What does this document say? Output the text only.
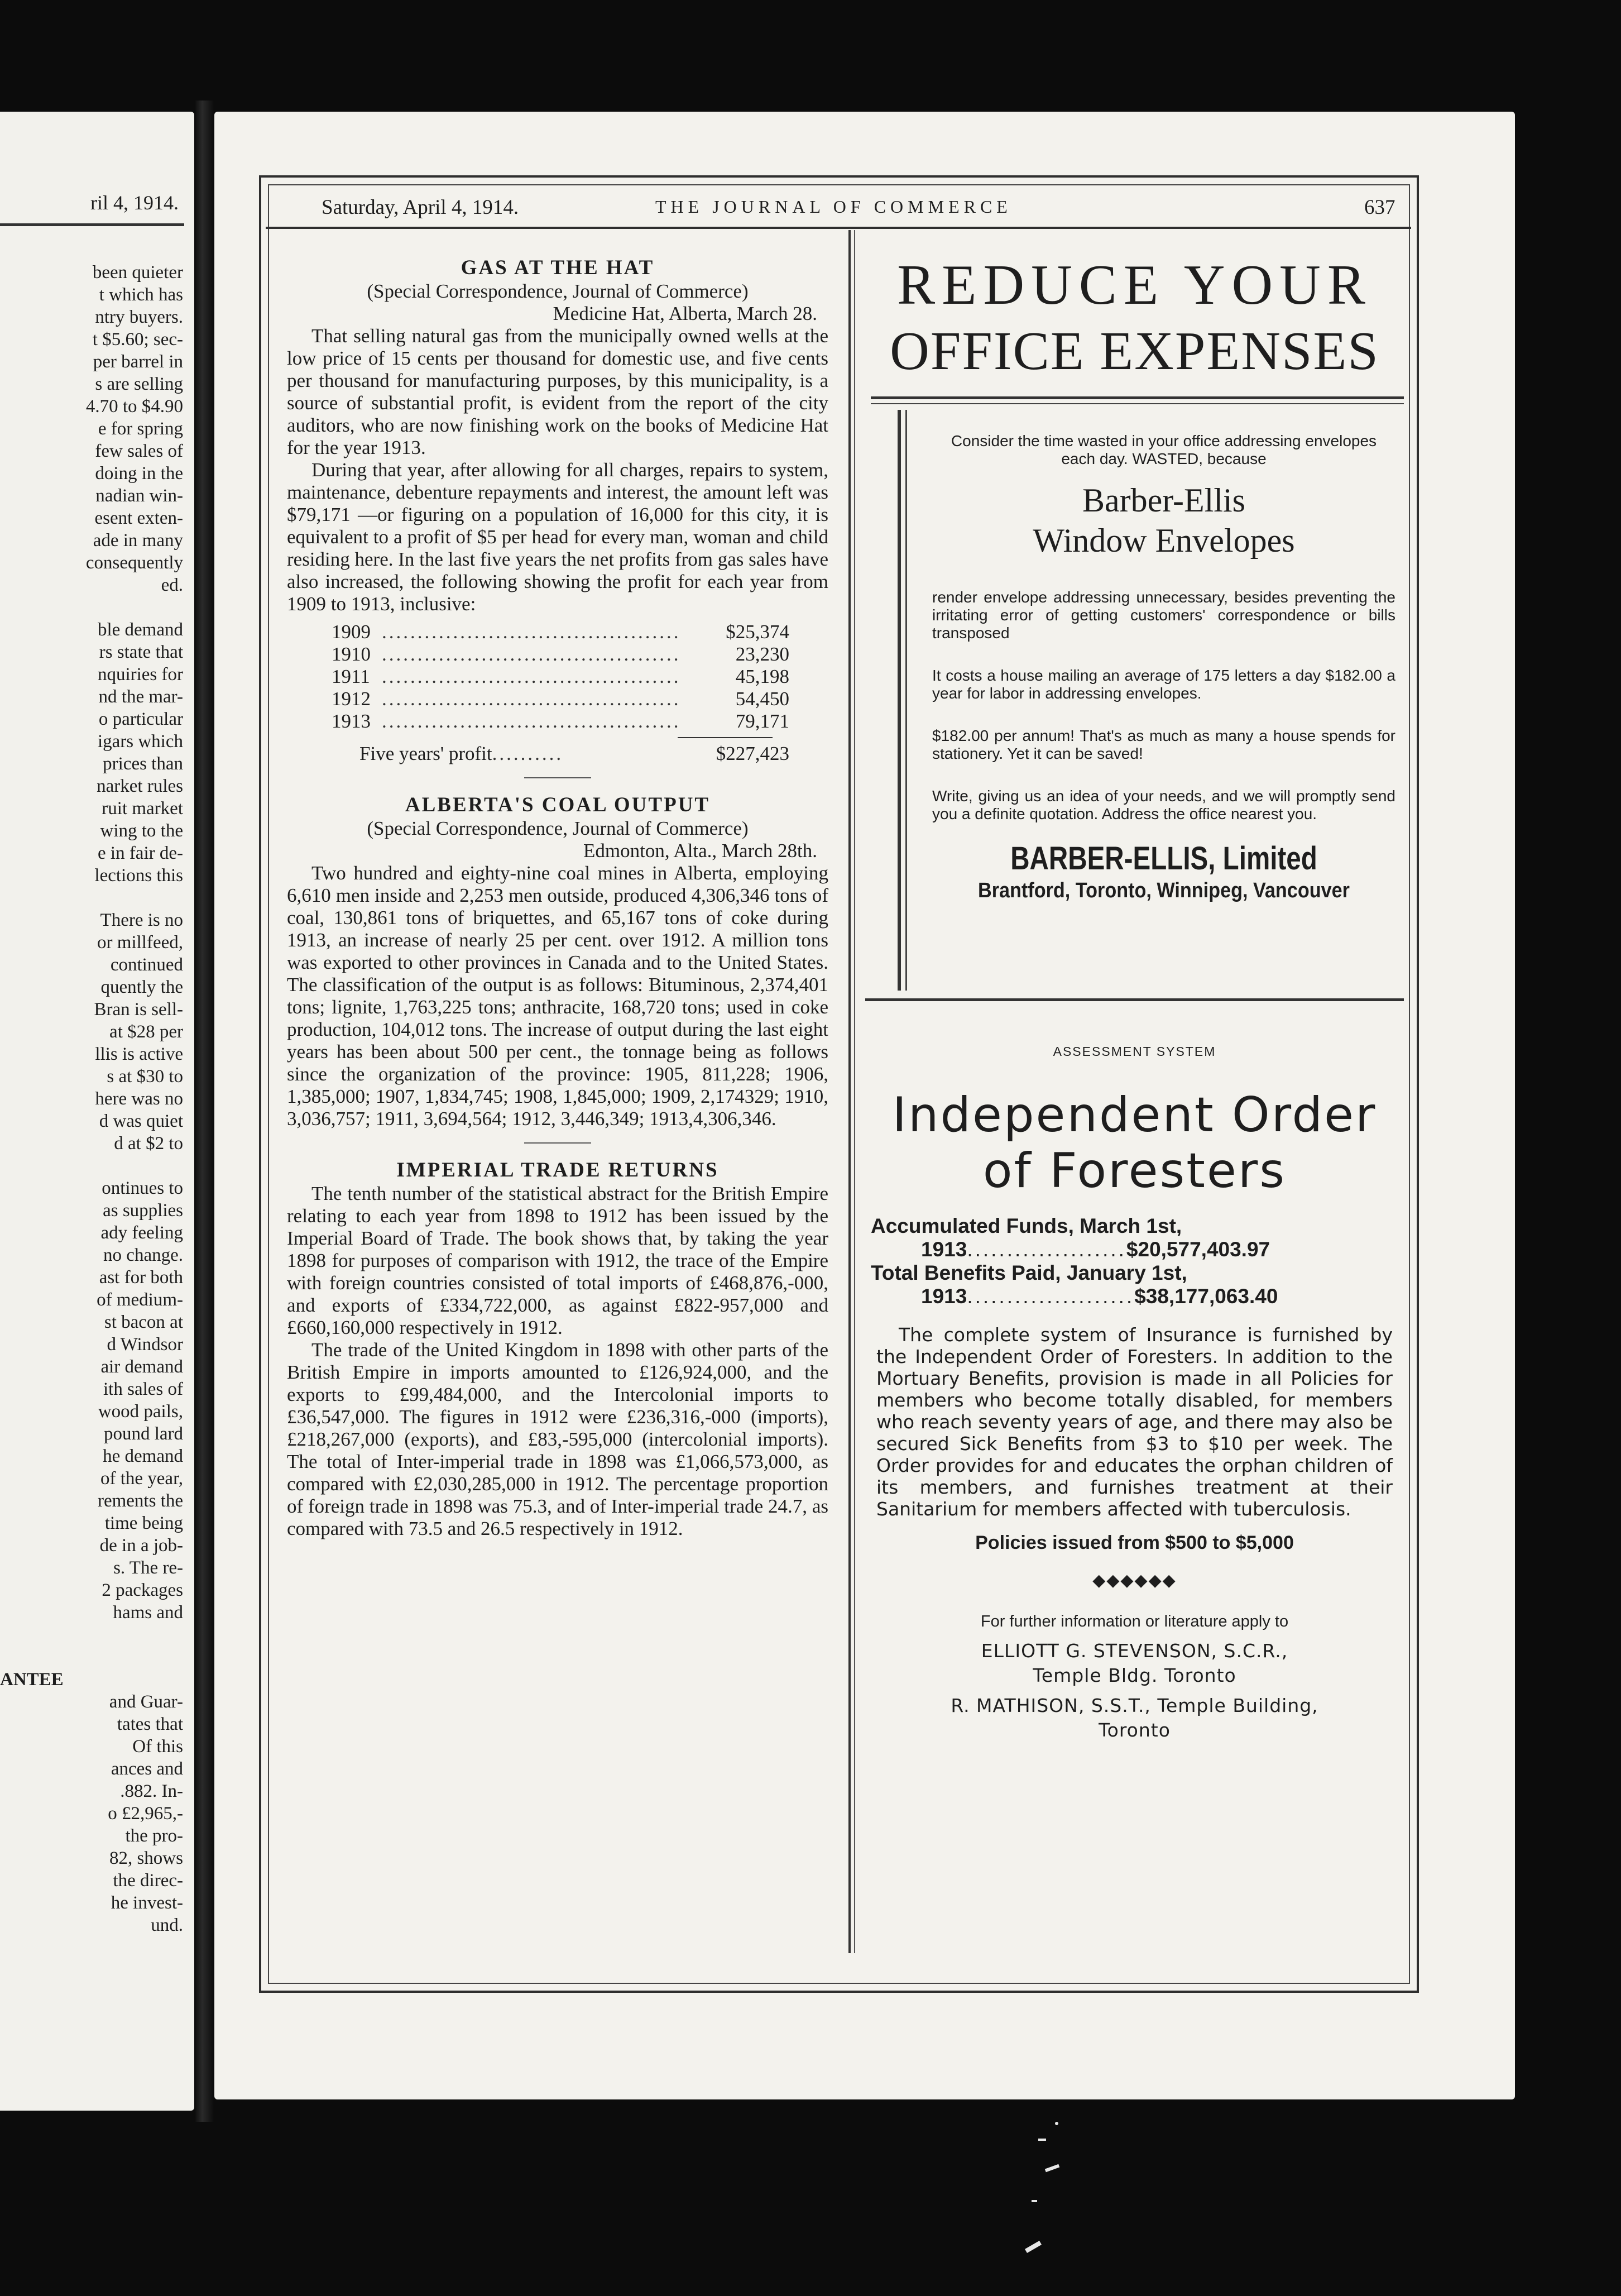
ril 4, 1914.
been quieter
t which has
ntry buyers.
t $5.60; sec-
per barrel in
s are selling
4.70 to $4.90
e for spring
few sales of
doing in the
nadian win-
esent exten-
ade in many
consequently
ed.
ble demand
rs state that
nquiries for
nd the mar-
o particular
igars which
prices than
narket rules
ruit market
wing to the
e in fair de-
lections this
There is no
or millfeed,
continued
quently the
Bran is sell-
at $28 per
llis is active
s at $30 to
here was no
d was quiet
d at $2 to
ontinues to
as supplies
ady feeling
no change.
ast for both
of medium-
st bacon at
d Windsor
air demand
ith sales of
wood pails,
pound lard
he demand
of the year,
rements the
time being
de in a job-
s. The re-
2 packages
hams and
ANTEE
and Guar-
tates that
Of this
ances and
.882. In-
o £2,965,-
the pro-
82, shows
the direc-
he invest-
und.
Saturday, April 4, 1914.	THE JOURNAL OF COMMERCE	637
GAS AT THE HAT
(Special Correspondence, Journal of Commerce)
Medicine Hat, Alberta, March 28.

That selling natural gas from the municipally owned wells at the low price of 15 cents per thousand for domestic use, and five cents per thousand for manufacturing purposes, by this municipality, is a source of substantial profit, is evident from the report of the city auditors, who are now finishing work on the books of Medicine Hat for the year 1913.

During that year, after allowing for all charges, repairs to system, maintenance, debenture repayments and interest, the amount left was $79,171 —or figuring on a population of 16,000 for this city, it is equivalent to a profit of $5 per head for every man, woman and child residing here. In the last five years the net profits from gas sales have also increased, the following showing the profit for each year from 1909 to 1913, inclusive:

1909 ..........................................	$25,374
1910 ..........................................	23,230
1911 ..........................................	45,198
1912 ..........................................	54,450
1913 ..........................................	79,171
Five years' profit ..........	$227,423
ALBERTA'S COAL OUTPUT
(Special Correspondence, Journal of Commerce)
Edmonton, Alta., March 28th.

Two hundred and eighty-nine coal mines in Alberta, employing 6,610 men inside and 2,253 men outside, produced 4,306,346 tons of coal, 130,861 tons of briquettes, and 65,167 tons of coke during 1913, an increase of nearly 25 per cent. over 1912. A million tons was exported to other provinces in Canada and to the United States. The classification of the output is as follows: Bituminous, 2,374,401 tons; lignite, 1,763,225 tons; anthracite, 168,720 tons; used in coke production, 104,012 tons. The increase of output during the last eight years has been about 500 per cent., the tonnage being as follows since the organization of the province: 1905, 811,228; 1906, 1,385,000; 1907, 1,834,745; 1908, 1,845,000; 1909, 2,174329; 1910, 3,036,757; 1911, 3,694,564; 1912, 3,446,349; 1913,4,306,346.

IMPERIAL TRADE RETURNS

The tenth number of the statistical abstract for the British Empire relating to each year from 1898 to 1912 has been issued by the Imperial Board of Trade. The book shows that, by taking the year 1898 for purposes of comparison with 1912, the trace of the Empire with foreign countries consisted of total imports of £468,876,-000, and exports of £334,722,000, as against £822-957,000 and £660,160,000 respectively in 1912.

The trade of the United Kingdom in 1898 with other parts of the British Empire in imports amounted to £126,924,000, and the exports to £99,484,000, and the Intercolonial imports to £36,547,000. The figures in 1912 were £236,316,-000 (imports), £218,267,000 (exports), and £83,-595,000 (intercolonial imports). The total of Inter-imperial trade in 1898 was £1,066,573,000, as compared with £2,030,285,000 in 1912. The percentage proportion of foreign trade in 1898 was 75.3, and of Inter-imperial trade 24.7, as compared with 73.5 and 26.5 respectively in 1912.

REDUCE YOUR
OFFICE EXPENSES

Consider the time wasted in your office addressing envelopes each day. WASTED, because

Barber-Ellis
Window Envelopes

render envelope addressing unnecessary, besides preventing the irritating error of getting customers' correspondence or bills transposed

It costs a house mailing an average of 175 letters a day $182.00 a year for labor in addressing envelopes.

$182.00 per annum! That's as much as many a house spends for stationery. Yet it can be saved!

Write, giving us an idea of your needs, and we will promptly send you a definite quotation. Address the office nearest you.

BARBER-ELLIS, Limited
Brantford, Toronto, Winnipeg, Vancouver
ASSESSMENT SYSTEM
Independent Order
of Foresters
Accumulated Funds, March 1st,
1913....................$20,577,403.97
Total Benefits Paid, January 1st,
1913.....................$38,177,063.40
The complete system of Insurance is furnished by the Independent Order of Foresters. In addition to the Mortuary Benefits, provision is made in all Policies for members who become totally disabled, for members who reach seventy years of age, and there may also be secured Sick Benefits from $3 to $10 per week. The Order provides for and educates the orphan children of its members, and furnishes treatment at their Sanitarium for members affected with tuberculosis.
Policies issued from $500 to $5,000
◆◆◆◆◆◆
For further information or literature apply to
ELLIOTT G. STEVENSON, S.C.R.,
Temple Bldg. Toronto
R. MATHISON, S.S.T., Temple Building,
Toronto
